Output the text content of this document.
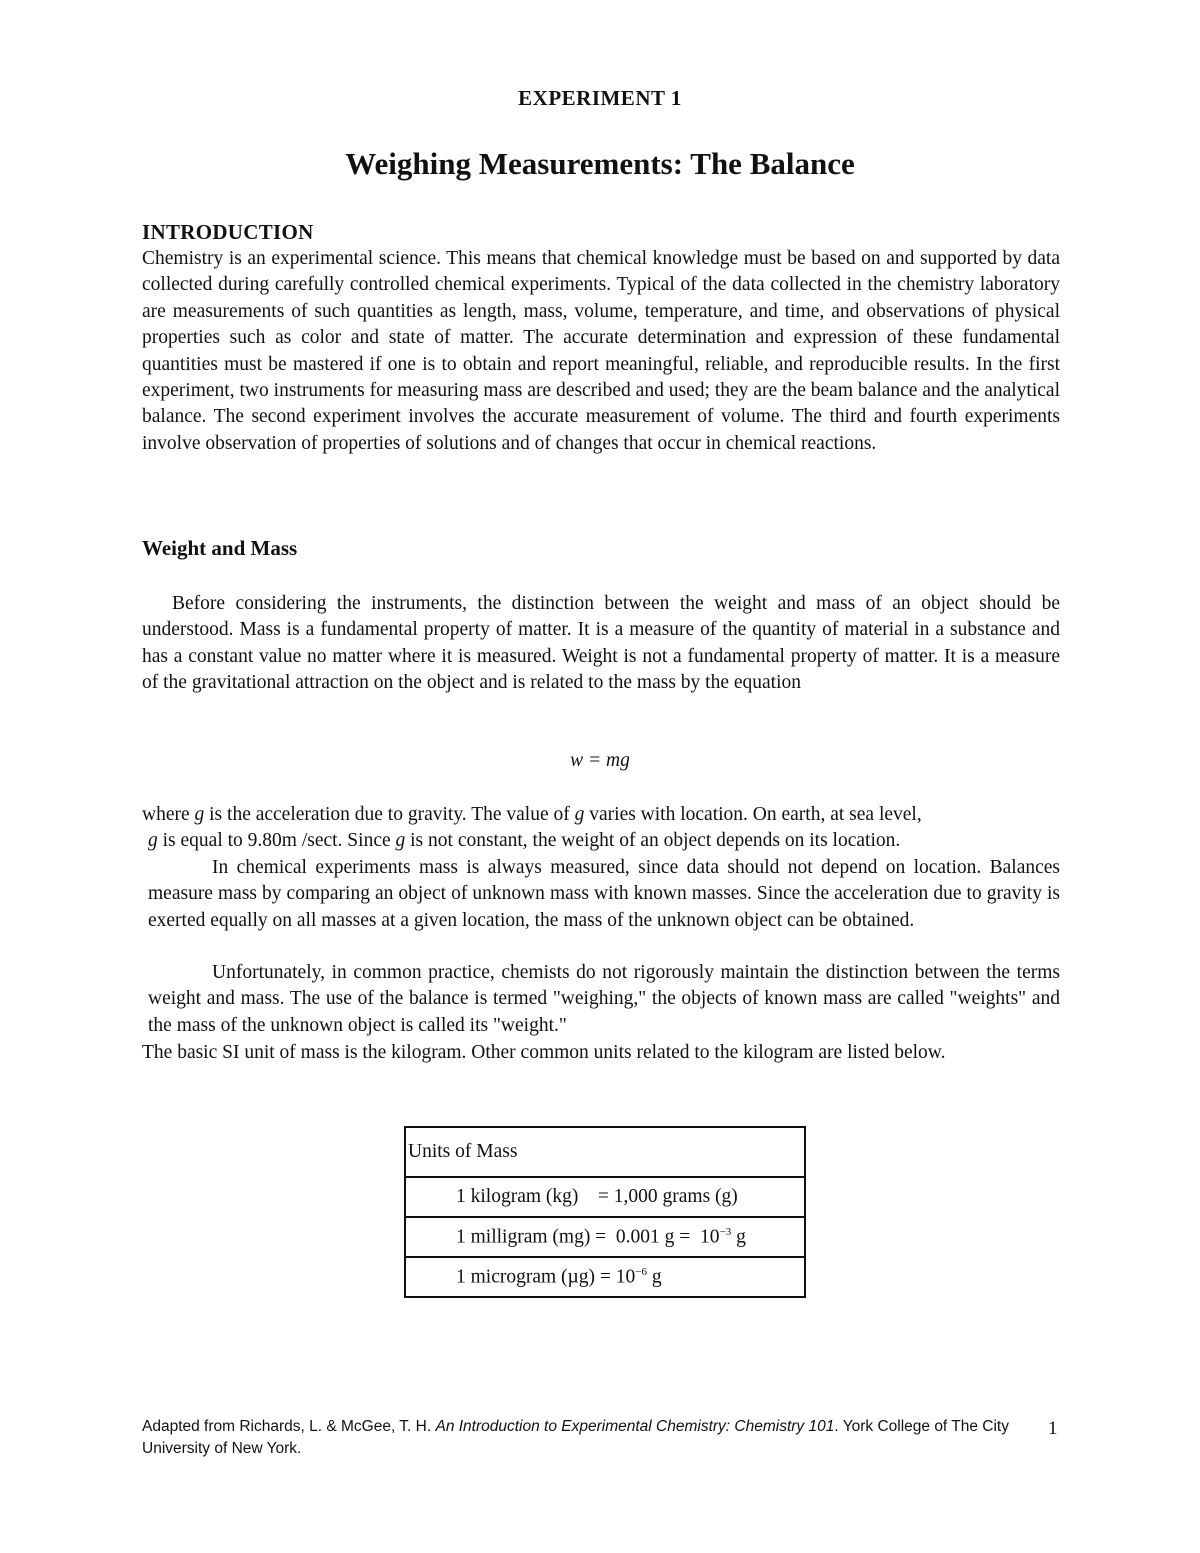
EXPERIMENT 1
Weighing Measurements: The Balance
INTRODUCTION
Chemistry is an experimental science. This means that chemical knowledge must be based on and supported by data collected during carefully controlled chemical experiments. Typical of the data collected in the chemistry laboratory are measurements of such quantities as length, mass, volume, temperature, and time, and observations of physical properties such as color and state of matter. The accurate determination and expression of these fundamental quantities must be mastered if one is to obtain and report meaningful, reliable, and reproducible results. In the first experiment, two instruments for measuring mass are described and used; they are the beam balance and the analytical balance. The second experiment involves the accurate measurement of volume. The third and fourth experiments involve observation of properties of solutions and of changes that occur in chemical reactions.
Weight and Mass
Before considering the instruments, the distinction between the weight and mass of an object should be understood. Mass is a fundamental property of matter. It is a measure of the quantity of material in a substance and has a constant value no matter where it is measured. Weight is not a fundamental property of matter. It is a measure of the gravitational attraction on the object and is related to the mass by the equation
w = mg
where g is the acceleration due to gravity. The value of g varies with location. On earth, at sea level,
g is equal to 9.80m /sect. Since g is not constant, the weight of an object depends on its location.
In chemical experiments mass is always measured, since data should not depend on location. Balances measure mass by comparing an object of unknown mass with known masses. Since the acceleration due to gravity is exerted equally on all masses at a given location, the mass of the unknown object can be obtained.
Unfortunately, in common practice, chemists do not rigorously maintain the distinction between the terms weight and mass. The use of the balance is termed "weighing," the objects of known mass are called "weights" and the mass of the unknown object is called its "weight."
The basic SI unit of mass is the kilogram. Other common units related to the kilogram are listed below.
Units of Mass
1 kilogram (kg)    = 1,000 grams (g)
1 milligram (mg) =  0.001 $g = 10^{-3}$ g
1 microgram $(\mu g) = 10^{-6}$ g
Adapted from Richards, L. & McGee, T. H. An Introduction to Experimental Chemistry: Chemistry 101. York College of The City University of New York.
1
